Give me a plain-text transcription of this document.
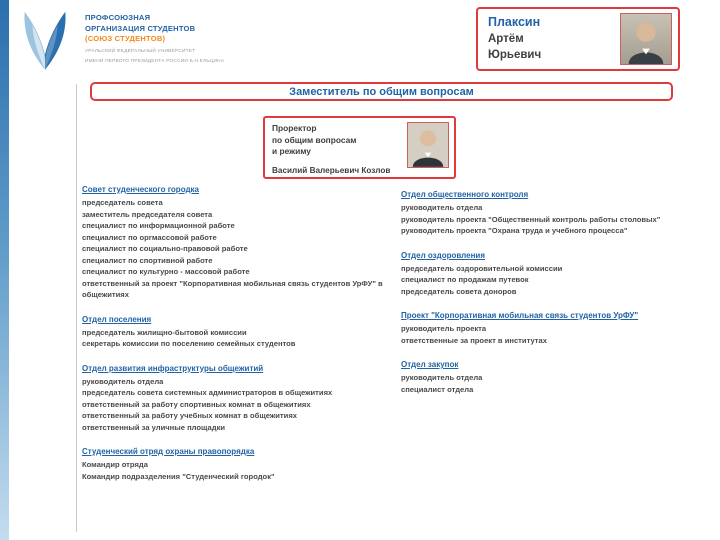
ПРОФСОЮЗНАЯ
ОРГАНИЗАЦИЯ СТУДЕНТОВ
(СОЮЗ СТУДЕНТОВ)
УРАЛЬСКИЙ ФЕДЕРАЛЬНЫЙ УНИВЕРСИТЕТ
ИМЕНИ ПЕРВОГО ПРЕЗИДЕНТА РОССИИ Б.Н.ЕЛЬЦИНА
Плаксин
Артём
Юрьевич
Заместитель по общим вопросам
Проректор
по общим вопросам
и режиму
Василий Валерьевич Козлов
Совет студенческого городка
председатель совета
заместитель председателя совета
специалист по информационной работе
специалист по оргмассовой работе
специалист по социально-правовой работе
специалист по спортивной работе
специалист по культурно - массовой работе
ответственный за проект "Корпоративная мобильная связь студентов УрФУ" в общежитиях
Отдел поселения
председатель жилищно-бытовой комиссии
секретарь комиссии по поселению семейных студентов
Отдел развития инфраструктуры общежитий
руководитель отдела
председатель совета системных администраторов в общежитиях
ответственный за работу спортивных комнат в общежитиях
ответственный за работу учебных комнат в общежитиях
ответственный за уличные площадки
Студенческий отряд охраны правопорядка
Командир отряда
Командир подразделения "Студенческий городок"
Отдел общественного контроля
руководитель отдела
руководитель проекта "Общественный контроль работы столовых"
руководитель проекта "Охрана труда и учебного процесса"
Отдел оздоровления
председатель оздоровительной комиссии
специалист по продажам путевок
председатель совета доноров
Проект "Корпоративная мобильная связь студентов УрФУ"
руководитель проекта
ответственные за проект в институтах
Отдел закупок
руководитель отдела
специалист отдела
